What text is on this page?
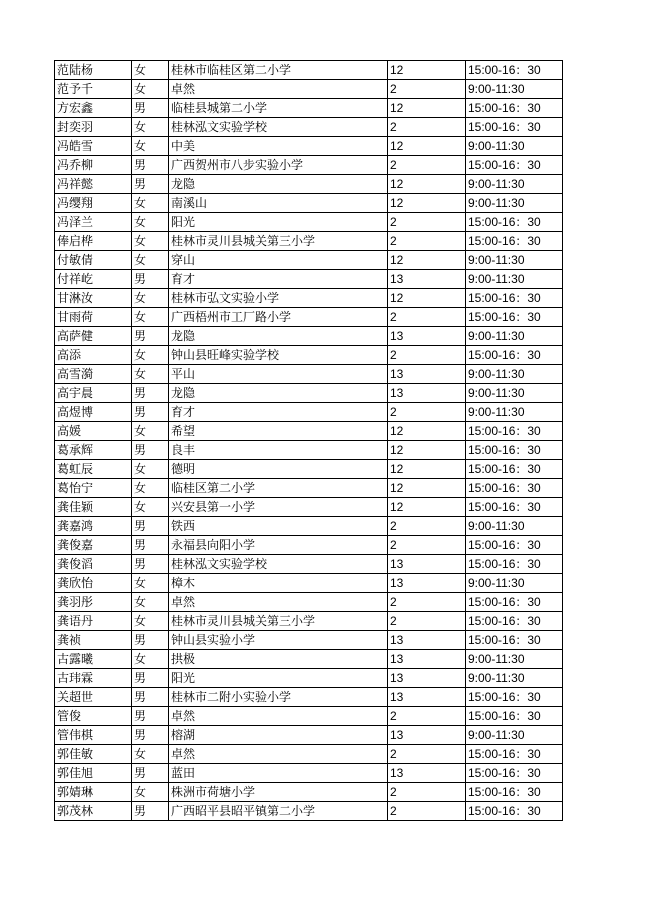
范陆杨	女	桂林市临桂区第二小学	12	15:00-16：30
范予千	女	卓然	2	9:00-11:30
方宏鑫	男	临桂县城第二小学	12	15:00-16：30
封奕羽	女	桂林泓文实验学校	2	15:00-16：30
冯皓雪	女	中美	12	9:00-11:30
冯乔柳	男	广西贺州市八步实验小学	2	15:00-16：30
冯祥懿	男	龙隐	12	9:00-11:30
冯缨翔	女	南溪山	12	9:00-11:30
冯泽兰	女	阳光	2	15:00-16：30
俸启桦	女	桂林市灵川县城关第三小学	2	15:00-16：30
付敏倩	女	穿山	12	9:00-11:30
付祥屹	男	育才	13	9:00-11:30
甘淋汝	女	桂林市弘文实验小学	12	15:00-16：30
甘雨荷	女	广西梧州市工厂路小学	2	15:00-16：30
高萨健	男	龙隐	13	9:00-11:30
高添	女	钟山县旺峰实验学校	2	15:00-16：30
高雪漪	女	平山	13	9:00-11:30
高宇晨	男	龙隐	13	9:00-11:30
高煜博	男	育才	2	9:00-11:30
高媛	女	希望	12	15:00-16：30
葛承辉	男	良丰	12	15:00-16：30
葛虹辰	女	德明	12	15:00-16：30
葛怡宁	女	临桂区第二小学	12	15:00-16：30
龚佳颖	女	兴安县第一小学	12	15:00-16：30
龚嘉鸿	男	铁西	2	9:00-11:30
龚俊嘉	男	永福县向阳小学	2	15:00-16：30
龚俊滔	男	桂林泓文实验学校	13	15:00-16：30
龚欣怡	女	樟木	13	9:00-11:30
龚羽彤	女	卓然	2	15:00-16：30
龚语丹	女	桂林市灵川县城关第三小学	2	15:00-16：30
龚祯	男	钟山县实验小学	13	15:00-16：30
古露曦	女	拱极	13	9:00-11:30
古玮霖	男	阳光	13	9:00-11:30
关超世	男	桂林市二附小实验小学	13	15:00-16：30
管俊	男	卓然	2	15:00-16：30
管伟棋	男	榕湖	13	9:00-11:30
郭佳敏	女	卓然	2	15:00-16：30
郭佳旭	男	蓝田	13	15:00-16：30
郭婧琳	女	株洲市荷塘小学	2	15:00-16：30
郭茂林	男	广西昭平县昭平镇第二小学	2	15:00-16：30
